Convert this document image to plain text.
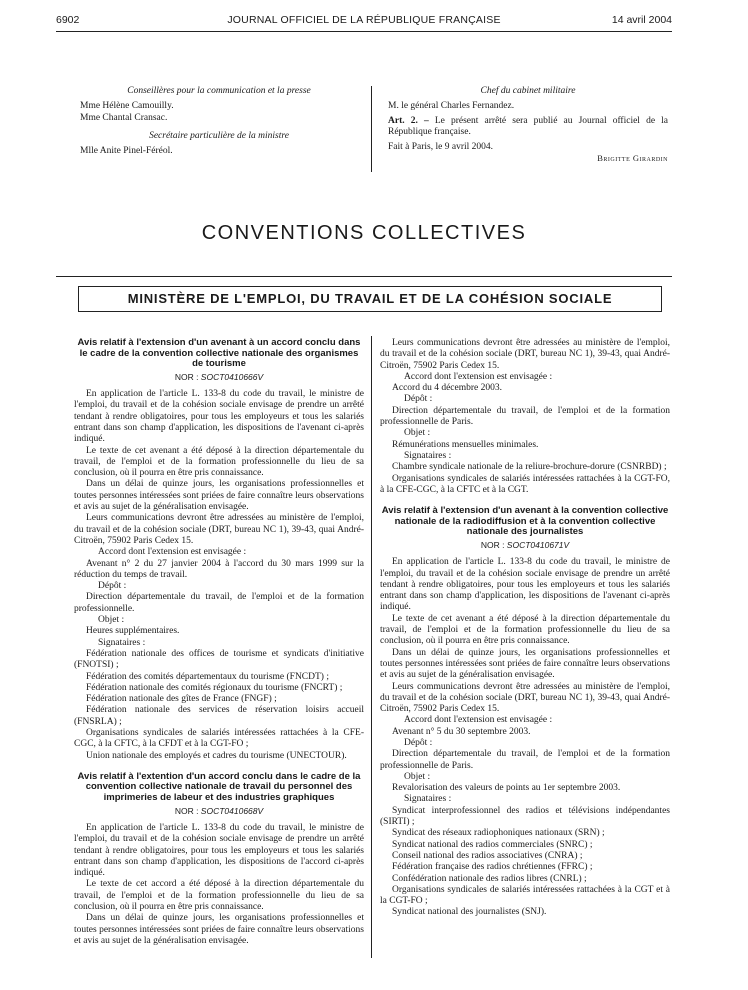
6902	JOURNAL OFFICIEL DE LA RÉPUBLIQUE FRANÇAISE	14 avril 2004
Conseillères pour la communication et la presse
Mme Hélène Camouilly.
Mme Chantal Cransac.
Secrétaire particulière de la ministre
Mlle Anite Pinel-Féréol.
Chef du cabinet militaire
M. le général Charles Fernandez.

Art. 2. – Le présent arrêté sera publié au Journal officiel de la République française.

Fait à Paris, le 9 avril 2004.
Brigitte Girardin
CONVENTIONS COLLECTIVES
MINISTÈRE DE L'EMPLOI, DU TRAVAIL ET DE LA COHÉSION SOCIALE

Avis relatif à l'extension d'un avenant à un accord conclu dans le cadre de la convention collective nationale des organismes de tourisme

NOR : SOCT0410666V

En application de l'article L. 133-8 du code du travail, le ministre de l'emploi, du travail et de la cohésion sociale envisage de prendre un arrêté tendant à rendre obligatoires, pour tous les employeurs et tous les salariés entrant dans son champ d'application, les dispositions de l'avenant ci-après indiqué.

Le texte de cet avenant a été déposé à la direction départementale du travail, de l'emploi et de la formation professionnelle du lieu de sa conclusion, où il pourra en être pris connaissance.

Dans un délai de quinze jours, les organisations professionnelles et toutes personnes intéressées sont priées de faire connaître leurs observations et avis au sujet de la généralisation envisagée.

Leurs communications devront être adressées au ministère de l'emploi, du travail et de la cohésion sociale (DRT, bureau NC 1), 39-43, quai André-Citroën, 75902 Paris Cedex 15.

Accord dont l'extension est envisagée :

Avenant n° 2 du 27 janvier 2004 à l'accord du 30 mars 1999 sur la réduction du temps de travail.

Dépôt :

Direction départementale du travail, de l'emploi et de la formation professionnelle.

Objet :

Heures supplémentaires.

Signataires :

Fédération nationale des offices de tourisme et syndicats d'initiative (FNOTSI) ;

Fédération des comités départementaux du tourisme (FNCDT) ;

Fédération nationale des comités régionaux du tourisme (FNCRT) ;

Fédération nationale des gîtes de France (FNGF) ;

Fédération nationale des services de réservation loisirs accueil (FNSRLA) ;

Organisations syndicales de salariés intéressées rattachées à la CFE-CGC, à la CFTC, à la CFDT et à la CGT-FO ;

Union nationale des employés et cadres du tourisme (UNECTOUR).

Avis relatif à l'extention d'un accord conclu dans le cadre de la convention collective nationale de travail du personnel des imprimeries de labeur et des industries graphiques

NOR : SOCT0410668V

En application de l'article L. 133-8 du code du travail, le ministre de l'emploi, du travail et de la cohésion sociale envisage de prendre un arrêté tendant à rendre obligatoires, pour tous les employeurs et tous les salariés entrant dans son champ d'application, les dispositions de l'accord ci-après indiqué.

Le texte de cet accord a été déposé à la direction départementale du travail, de l'emploi et de la formation professionnelle du lieu de sa conclusion, où il pourra en être pris connaissance.

Dans un délai de quinze jours, les organisations professionnelles et toutes personnes intéressées sont priées de faire connaître leurs observations et avis au sujet de la généralisation envisagée.

Leurs communications devront être adressées au ministère de l'emploi, du travail et de la cohésion sociale (DRT, bureau NC 1), 39-43, quai André-Citroën, 75902 Paris Cedex 15.

Accord dont l'extension est envisagée :

Accord du 4 décembre 2003.

Dépôt :

Direction départementale du travail, de l'emploi et de la formation professionnelle de Paris.

Objet :

Rémunérations mensuelles minimales.

Signataires :

Chambre syndicale nationale de la reliure-brochure-dorure (CSNRBD) ;

Organisations syndicales de salariés intéressées rattachées à la CGT-FO, à la CFE-CGC, à la CFTC et à la CGT.

Avis relatif à l'extension d'un avenant à la convention collective nationale de la radiodiffusion et à la convention collective nationale des journalistes

NOR : SOCT0410671V

En application de l'article L. 133-8 du code du travail, le ministre de l'emploi, du travail et de la cohésion sociale envisage de prendre un arrêté tendant à rendre obligatoires, pour tous les employeurs et tous les salariés entrant dans son champ d'application, les dispositions de l'avenant ci-après indiqué.

Le texte de cet avenant a été déposé à la direction départementale du travail, de l'emploi et de la formation professionnelle du lieu de sa conclusion, où il pourra en être pris connaissance.

Dans un délai de quinze jours, les organisations professionnelles et toutes personnes intéressées sont priées de faire connaître leurs observations et avis au sujet de la généralisation envisagée.

Leurs communications devront être adressées au ministère de l'emploi, du travail et de la cohésion sociale (DRT, bureau NC 1), 39-43, quai André-Citroën, 75902 Paris Cedex 15.

Accord dont l'extension est envisagée :

Avenant n° 5 du 30 septembre 2003.

Dépôt :

Direction départementale du travail, de l'emploi et de la formation professionnelle de Paris.

Objet :

Revalorisation des valeurs de points au 1er septembre 2003.

Signataires :

Syndicat interprofessionnel des radios et télévisions indépendantes (SIRTI) ;

Syndicat des réseaux radiophoniques nationaux (SRN) ;

Syndicat national des radios commerciales (SNRC) ;

Conseil national des radios associatives (CNRA) ;

Fédération française des radios chrétiennes (FFRC) ;

Confédération nationale des radios libres (CNRL) ;

Organisations syndicales de salariés intéressées rattachées à la CGT et à la CGT-FO ;

Syndicat national des journalistes (SNJ).
